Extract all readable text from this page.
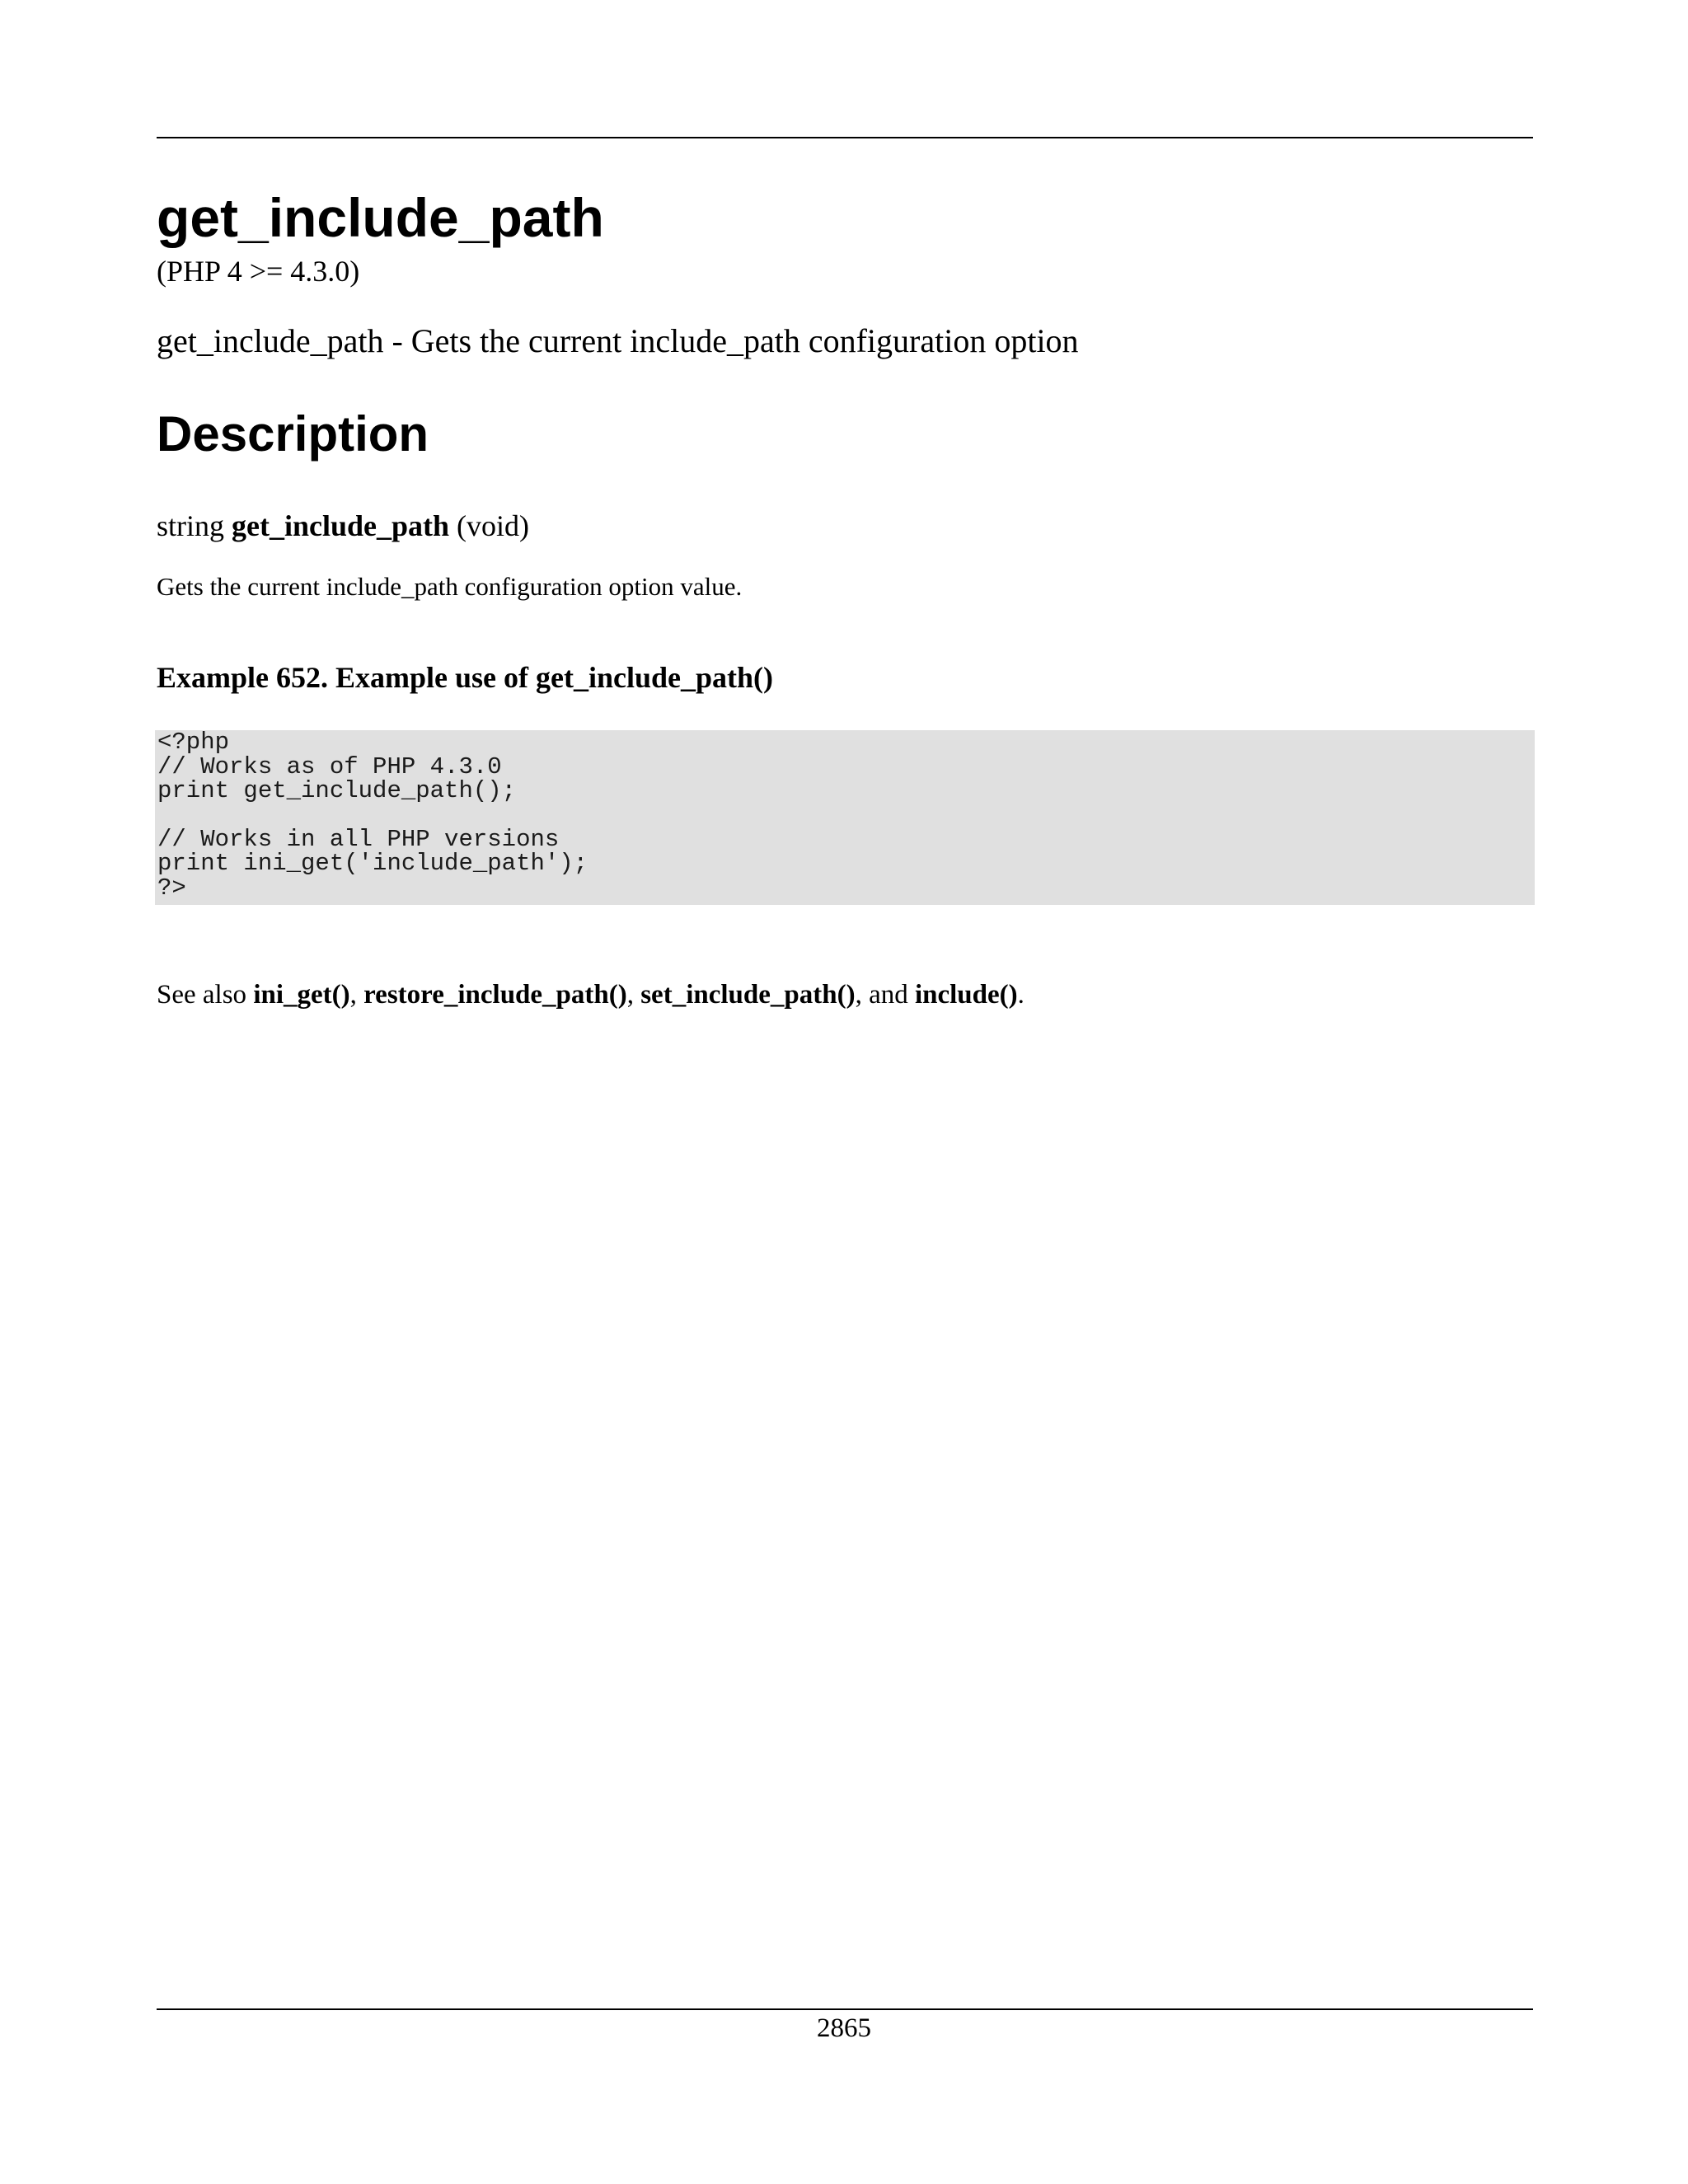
get_include_path

(PHP 4 >= 4.3.0)

get_include_path - Gets the current include_path configuration option

Description

string get_include_path (void)

Gets the current include_path configuration option value.

Example 652. Example use of get_include_path()

<?php
// Works as of PHP 4.3.0
print get_include_path();
// Works in all PHP versions
print ini_get('include_path');
?>

See also ini_get(), restore_include_path(), set_include_path(), and include().

2865
